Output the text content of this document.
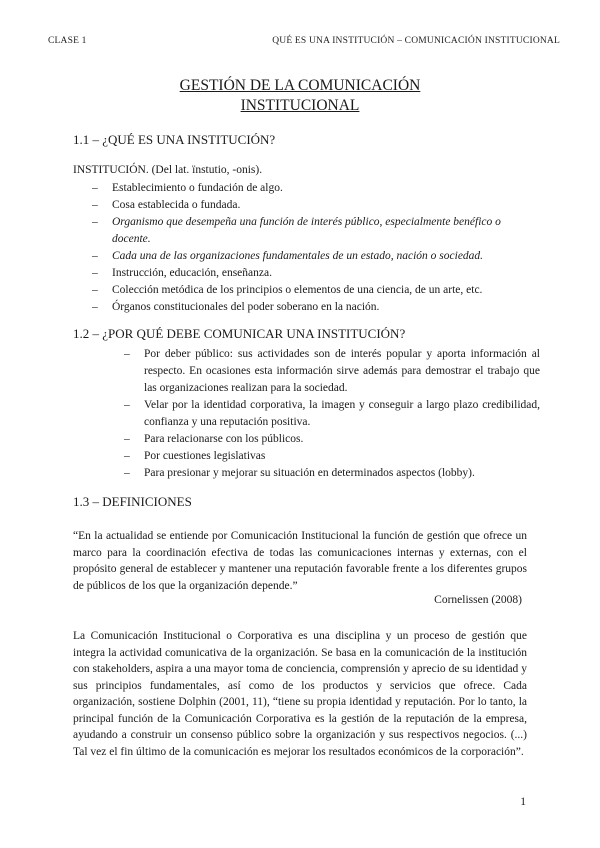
CLASE 1	QUÉ ES UNA INSTITUCIÓN – COMUNICACIÓN INSTITUCIONAL
GESTIÓN DE LA COMUNICACIÓN
INSTITUCIONAL
1.1 – ¿QUÉ ES UNA INSTITUCIÓN?
INSTITUCIÓN. (Del lat. ïnstutio, -onis).
– Establecimiento o fundación de algo.
– Cosa establecida o fundada.
– Organismo que desempeña una función de interés público, especialmente benéfico o docente.
– Cada una de las organizaciones fundamentales de un estado, nación o sociedad.
– Instrucción, educación, enseñanza.
– Colección metódica de los principios o elementos de una ciencia, de un arte, etc.
– Órganos constitucionales del poder soberano en la nación.
1.2 – ¿POR QUÉ DEBE COMUNICAR UNA INSTITUCIÓN?
– Por deber público: sus actividades son de interés popular y aporta información al respecto. En ocasiones esta información sirve además para demostrar el trabajo que las organizaciones realizan para la sociedad.
– Velar por la identidad corporativa, la imagen y conseguir a largo plazo credibilidad, confianza y una reputación positiva.
– Para relacionarse con los públicos.
– Por cuestiones legislativas
– Para presionar y mejorar su situación en determinados aspectos (lobby).
1.3 – DEFINICIONES
“En la actualidad se entiende por Comunicación Institucional la función de gestión que ofrece un marco para la coordinación efectiva de todas las comunicaciones internas y externas, con el propósito general de establecer y mantener una reputación favorable frente a los diferentes grupos de públicos de los que la organización depende.”
Cornelissen (2008)
La Comunicación Institucional o Corporativa es una disciplina y un proceso de gestión que integra la actividad comunicativa de la organización. Se basa en la comunicación de la institución con stakeholders, aspira a una mayor toma de conciencia, comprensión y aprecio de su identidad y sus principios fundamentales, así como de los productos y servicios que ofrece. Cada organización, sostiene Dolphin (2001, 11), “tiene su propia identidad y reputación. Por lo tanto, la principal función de la Comunicación Corporativa es la gestión de la reputación de la empresa, ayudando a construir un consenso público sobre la organización y sus respectivos negocios. (...) Tal vez el fin último de la comunicación es mejorar los resultados económicos de la corporación”.
1
